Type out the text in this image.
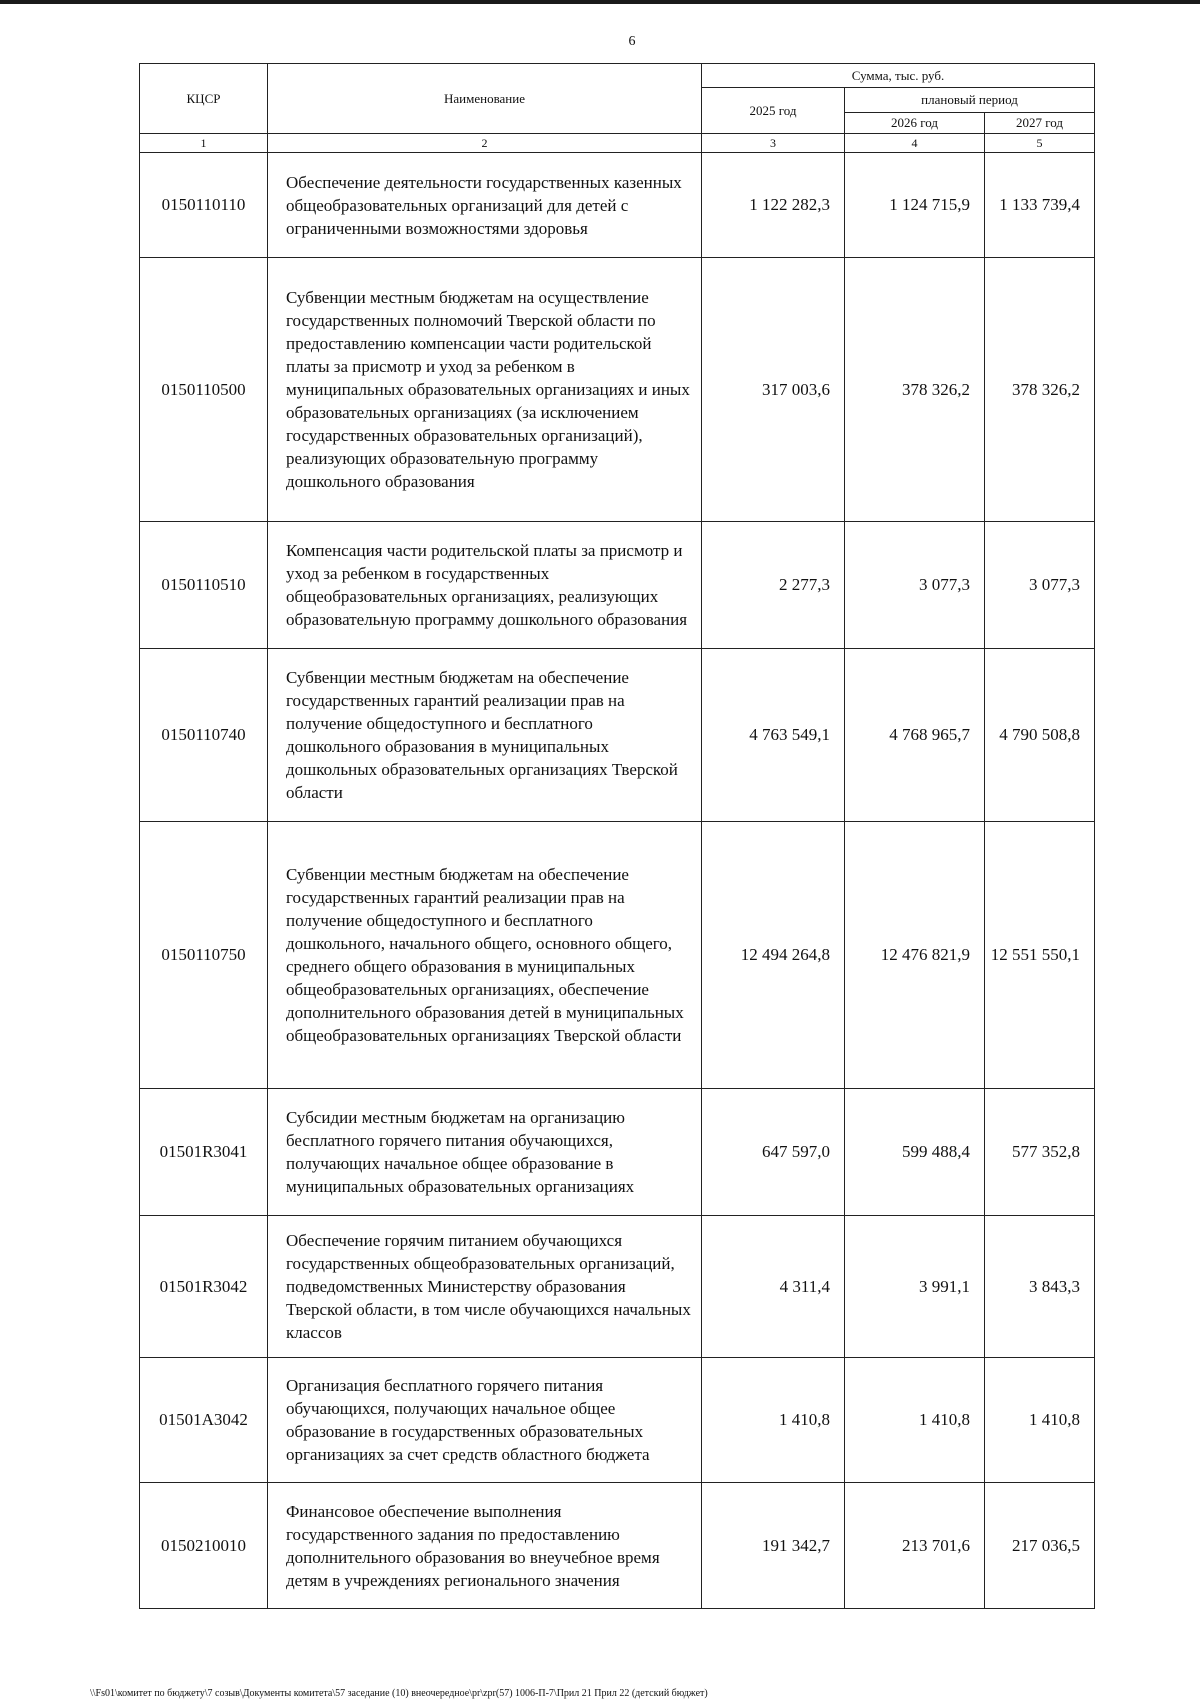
6
КЦСР	Наименование	Сумма, тыс. руб.		
		2025 год	плановый период	
			2026 год	2027 год
1	2	3	4	5
0150110110	Обеспечение деятельности государственных казенных общеобразовательных организаций для детей с ограниченными возможностями здоровья	1 122 282,3	1 124 715,9	1 133 739,4
0150110500	Субвенции местным бюджетам на осуществление государственных полномочий Тверской области по предоставлению компенсации части родительской платы за присмотр и уход за ребенком в муниципальных образовательных организациях и иных образовательных организациях (за исключением государственных образовательных организаций), реализующих образовательную программу дошкольного образования	317 003,6	378 326,2	378 326,2
0150110510	Компенсация части родительской платы за присмотр и уход за ребенком в государственных общеобразовательных организациях, реализующих образовательную программу дошкольного образования	2 277,3	3 077,3	3 077,3
0150110740	Субвенции местным бюджетам на обеспечение государственных гарантий реализации прав на получение общедоступного и бесплатного дошкольного образования в муниципальных дошкольных образовательных организациях Тверской области	4 763 549,1	4 768 965,7	4 790 508,8
0150110750	Субвенции местным бюджетам на обеспечение государственных гарантий реализации прав на получение общедоступного и бесплатного дошкольного, начального общего, основного общего, среднего общего образования в муниципальных общеобразовательных организациях, обеспечение дополнительного образования детей в муниципальных общеобразовательных организациях Тверской области	12 494 264,8	12 476 821,9	12 551 550,1
01501R3041	Субсидии местным бюджетам на организацию бесплатного горячего питания обучающихся, получающих начальное общее образование в муниципальных образовательных организациях	647 597,0	599 488,4	577 352,8
01501R3042	Обеспечение горячим питанием обучающихся государственных общеобразовательных организаций, подведомственных Министерству образования Тверской области, в том числе обучающихся начальных классов	4 311,4	3 991,1	3 843,3
01501A3042	Организация бесплатного горячего питания обучающихся, получающих начальное общее образование в государственных образовательных организациях за счет средств областного бюджета	1 410,8	1 410,8	1 410,8
0150210010	Финансовое обеспечение выполнения государственного задания по предоставлению дополнительного образования во внеучебное время детям в учреждениях регионального значения	191 342,7	213 701,6	217 036,5
\\Fs01\комитет по бюджету\7 созыв\Документы комитета\57 заседание (10) внеочередное\pr\zpr(57) 1006-П-7\Прил 21 Прил 22 (детский бюджет)
